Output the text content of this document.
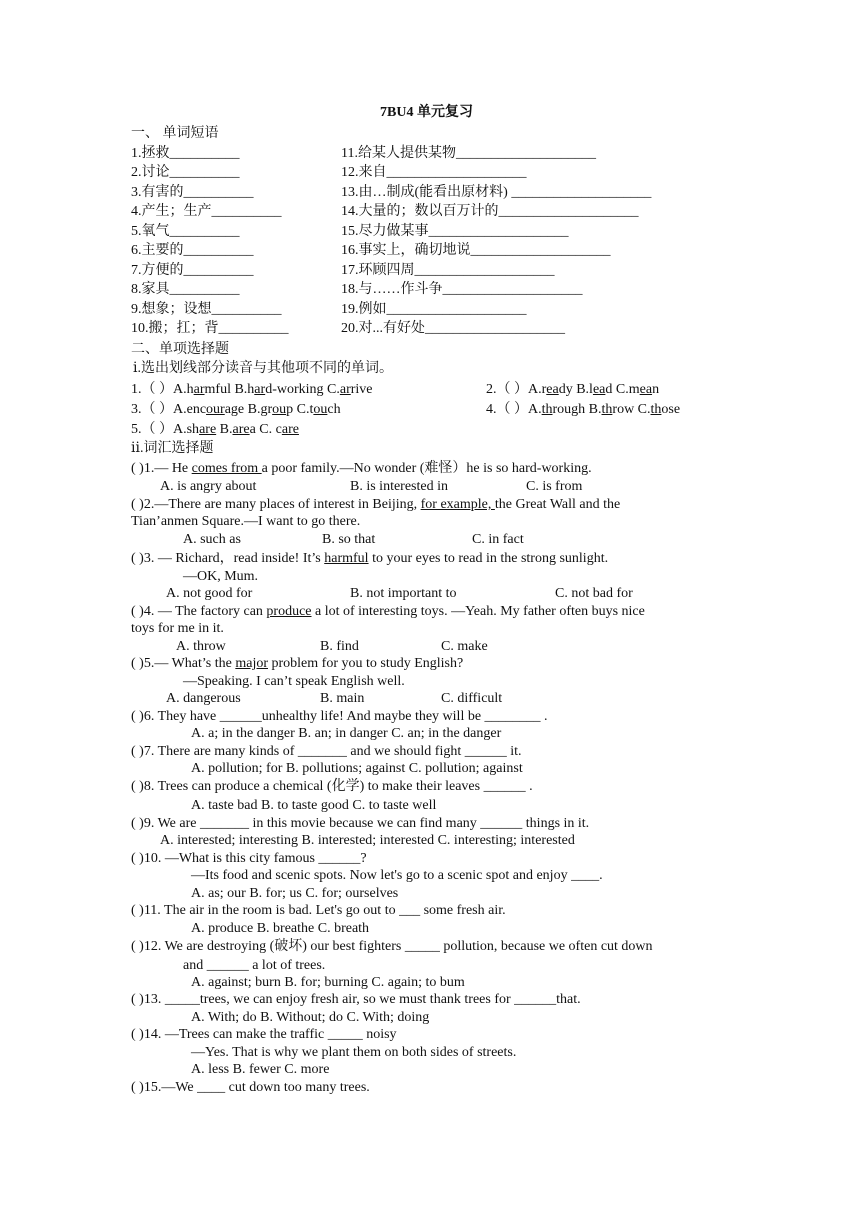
7BU4 单元复习
一、 单词短语
1.拯救__________
2.讨论__________
3.有害的__________
4.产生；生产__________
5.氧气__________
6.主要的__________
7.方便的__________
8.家具__________
9.想象；设想__________
10.搬；扛；背__________
11.给某人提供某物____________________
12.来自____________________
13.由…制成(能看出原材料) ____________________
14.大量的；数以百万计的____________________
15.尽力做某事____________________
16.事实上，确切地说____________________
17.环顾四周____________________
18.与……作斗争____________________
19.例如____________________
20.对...有好处____________________
二、单项选择题
ⅰ.选出划线部分读音与其他项不同的单词。
1.（ ）A.harmful B.hard-working C.arrive	2.（ ）A.ready B.lead C.mean
3.（ ）A.encourage B.group C.touch	4.（ ）A.through B.throw C.those
5.（ ）A.share B.area C. care
ⅱ.词汇选择题
( )1.— He comes from a poor family.—No wonder (难怪）he is so hard-working.
A. is angry about	B. is interested in	C. is from
( )2.—There are many places of interest in Beijing, for example, the Great Wall and the
Tian’anmen Square.—I want to go there.
A. such as	B. so that	C. in fact
( )3. — Richard，read inside! It’s harmful to your eyes to read in the strong sunlight.
—OK, Mum.
A. not good for	B. not important to	C. not bad for
( )4. — The factory can produce a lot of interesting toys. —Yeah. My father often buys nice
toys for me in it.
A. throw	B. find	C. make
( )5.— What’s the major problem for you to study English?
—Speaking. I can’t speak English well.
A. dangerous	B. main	C. difficult
( )6. They have ______unhealthy life! And maybe they will be ________ .
A. a; in the danger B. an; in danger C. an; in the danger
( )7. There are many kinds of _______ and we should fight ______ it.
A. pollution; for B. pollutions; against C. pollution; against
( )8. Trees can produce a chemical (化学) to make their leaves ______ .
A. taste bad B. to taste good C. to taste well
( )9. We are _______ in this movie because we can find many ______ things in it.
A. interested; interesting B. interested; interested C. interesting; interested
( )10. —What is this city famous ______?
—Its food and scenic spots. Now let's go to a scenic spot and enjoy ____.
A. as; our B. for; us C. for; ourselves
( )11. The air in the room is bad. Let's go out to ___ some fresh air.
A. produce B. breathe C. breath
( )12. We are destroying (破坏) our best fighters _____ pollution, because we often cut down
and ______ a lot of trees.
A. against; burn B. for; burning C. again; to bum
( )13. _____trees, we can enjoy fresh air, so we must thank trees for ______that.
A. With; do B. Without; do C. With; doing
( )14. —Trees can make the traffic _____ noisy
—Yes. That is why we plant them on both sides of streets.
A. less B. fewer C. more
( )15.—We ____ cut down too many trees.
